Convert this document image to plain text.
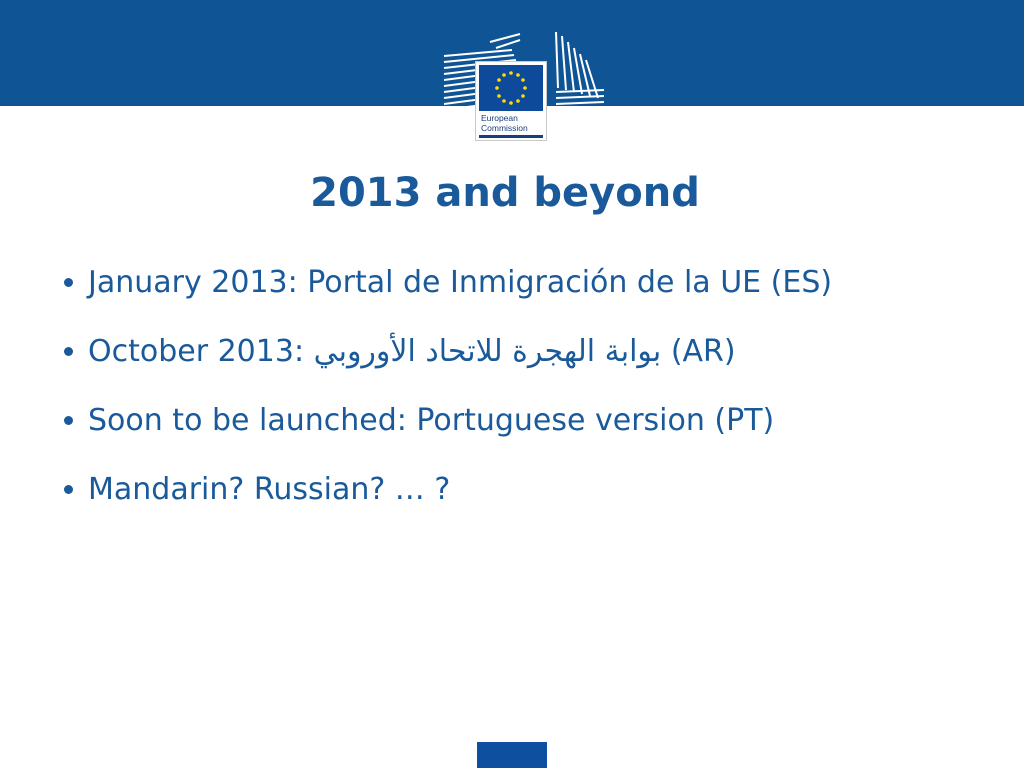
European
Commission
2013 and beyond
January 2013: Portal de Inmigración de la UE (ES)
October 2013: بوابة الهجرة للاتحاد الأوروبي (AR)
Soon to be launched: Portuguese version (PT)
Mandarin? Russian? … ?
